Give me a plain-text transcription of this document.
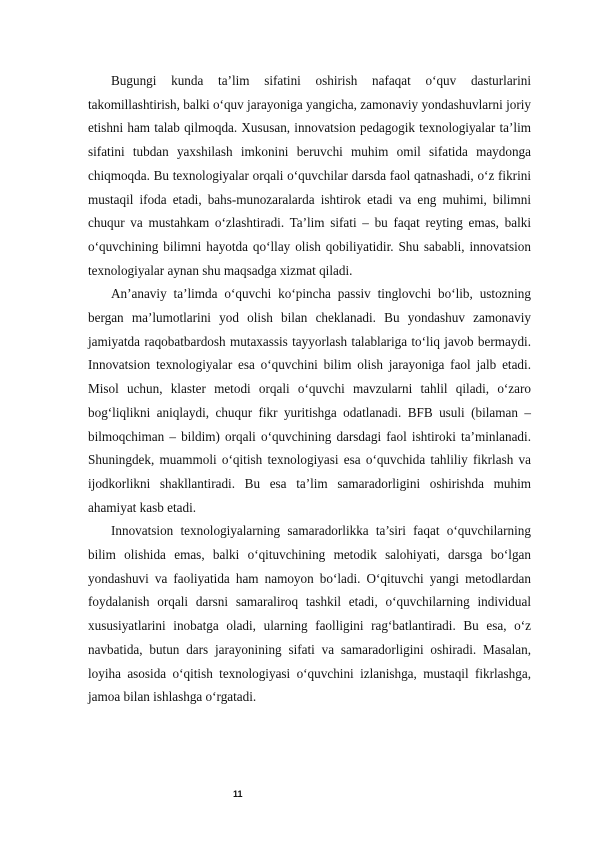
Bugungi kunda ta’lim sifatini oshirish nafaqat o‘quv dasturlarini takomillashtirish, balki o‘quv jarayoniga yangicha, zamonaviy yondashuvlarni joriy etishni ham talab qilmoqda. Xususan, innovatsion pedagogik texnologiyalar ta’lim sifatini tubdan yaxshilash imkonini beruvchi muhim omil sifatida maydonga chiqmoqda. Bu texnologiyalar orqali o‘quvchilar darsda faol qatnashadi, o‘z fikrini mustaqil ifoda etadi, bahs-munozaralarda ishtirok etadi va eng muhimi, bilimni chuqur va mustahkam o‘zlashtiradi. Ta’lim sifati – bu faqat reyting emas, balki o‘quvchining bilimni hayotda qo‘llay olish qobiliyatidir. Shu sababli, innovatsion texnologiyalar aynan shu maqsadga xizmat qiladi.

An’anaviy ta’limda o‘quvchi ko‘pincha passiv tinglovchi bo‘lib, ustozning bergan ma’lumotlarini yod olish bilan cheklanadi. Bu yondashuv zamonaviy jamiyatda raqobatbardosh mutaxassis tayyorlash talablariga to‘liq javob bermaydi. Innovatsion texnologiyalar esa o‘quvchini bilim olish jarayoniga faol jalb etadi. Misol uchun, klaster metodi orqali o‘quvchi mavzularni tahlil qiladi, o‘zaro bog‘liqlikni aniqlaydi, chuqur fikr yuritishga odatlanadi. BFB usuli (bilaman – bilmoqchiman – bildim) orqali o‘quvchining darsdagi faol ishtiroki ta’minlanadi. Shuningdek, muammoli o‘qitish texnologiyasi esa o‘quvchida tahliliy fikrlash va ijodkorlikni shakllantiradi. Bu esa ta’lim samaradorligini oshirishda muhim ahamiyat kasb etadi.

Innovatsion texnologiyalarning samaradorlikka ta’siri faqat o‘quvchilarning bilim olishida emas, balki o‘qituvchining metodik salohiyati, darsga bo‘lgan yondashuvi va faoliyatida ham namoyon bo‘ladi. O‘qituvchi yangi metodlardan foydalanish orqali darsni samaraliroq tashkil etadi, o‘quvchilarning individual xususiyatlarini inobatga oladi, ularning faolligini rag‘batlantiradi. Bu esa, o‘z navbatida, butun dars jarayonining sifati va samaradorligini oshiradi. Masalan, loyiha asosida o‘qitish texnologiyasi o‘quvchini izlanishga, mustaqil fikrlashga, jamoa bilan ishlashga o‘rgatadi.

11
